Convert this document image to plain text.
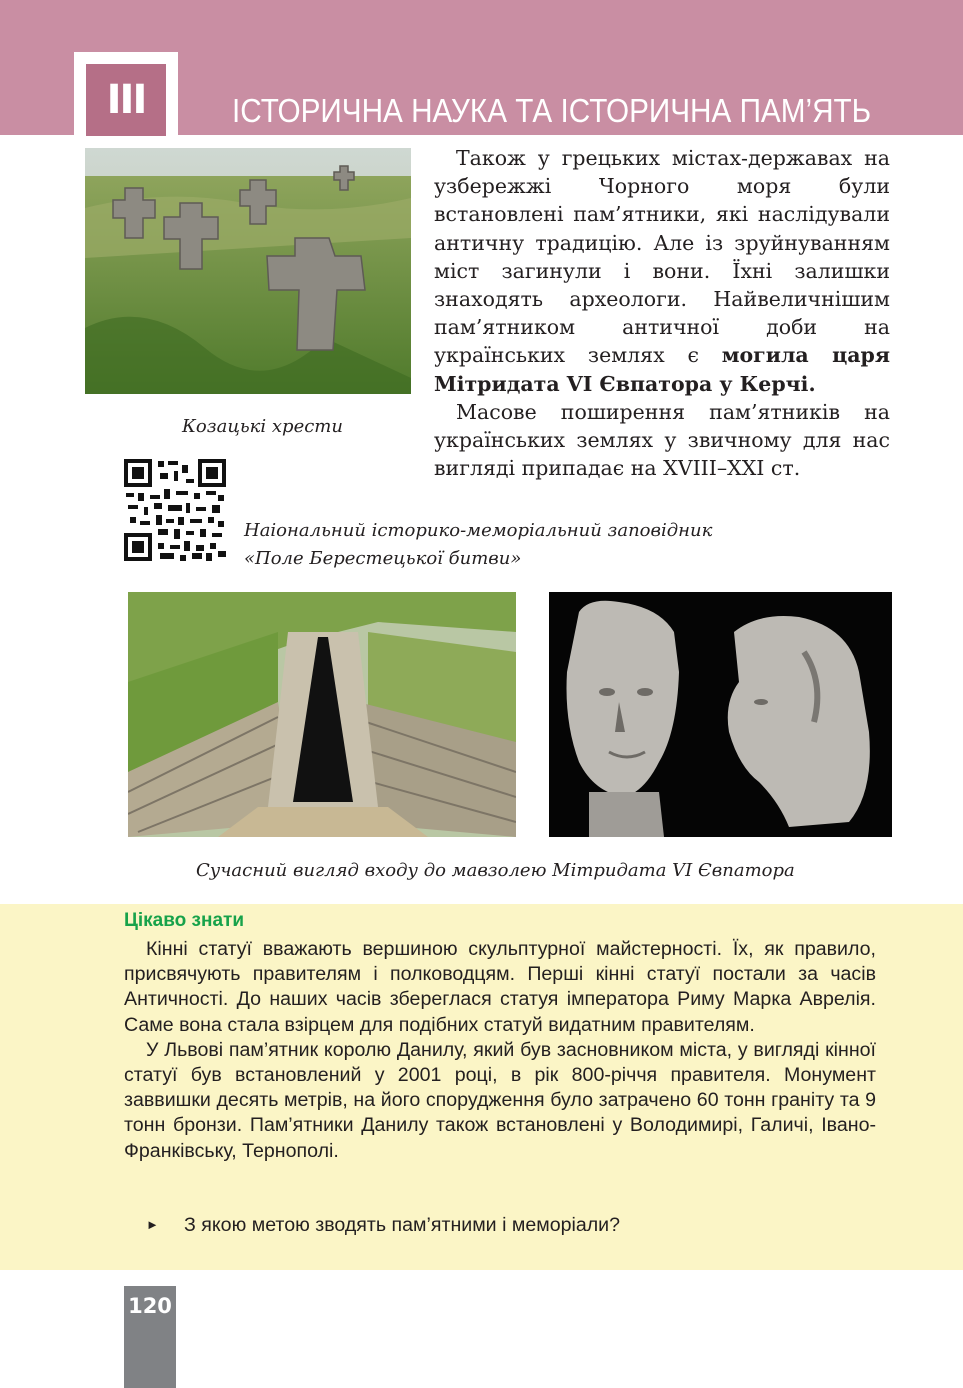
III	ІСТОРИЧНА НАУКА ТА ІСТОРИЧНА ПАМ’ЯТЬ
Козацькі хрести

Також у грецьких містах-державах на узбережжі Чорного моря були встановлені пам’ятники, які наслідували античну традицію. Але із зруйнуванням міст загинули і вони. Їхні залишки знаходять археологи. Найвеличнішим пам’ятником античної доби на українських землях є могила царя Мітридата VI Євпатора у Керчі.

Масове поширення пам’ятників на українських землях у звичному для нас вигляді припадає на XVIII–XXI ст.

Наіональний історико-меморіальний заповідник
«Поле Берестецької битви»
Сучасний вигляд входу до мавзолею Мітридата VI Євпатора
Цікаво знати

Кінні статуї вважають вершиною скульптурної майстерності. Їх, як правило, присвячують правителям і полководцям. Перші кінні статуї постали за часів Античності. До наших часів збереглася статуя імператора Риму Марка Аврелія. Саме вона стала взірцем для подібних статуй видатним правителям.

У Львові пам’ятник королю Данилу, який був засновником міста, у вигляді кінної статуї був встановлений у 2001 році, в рік 800-річчя правителя. Монумент заввишки десять метрів, на його спорудження було затрачено 60 тонн граніту та 9 тонн бронзи. Пам’ятники Данилу також встановлені у Володимирі, Галичі, Івано-Франківську, Тернополі.

► З якою метою зводять пам’ятними і меморіали?
120
